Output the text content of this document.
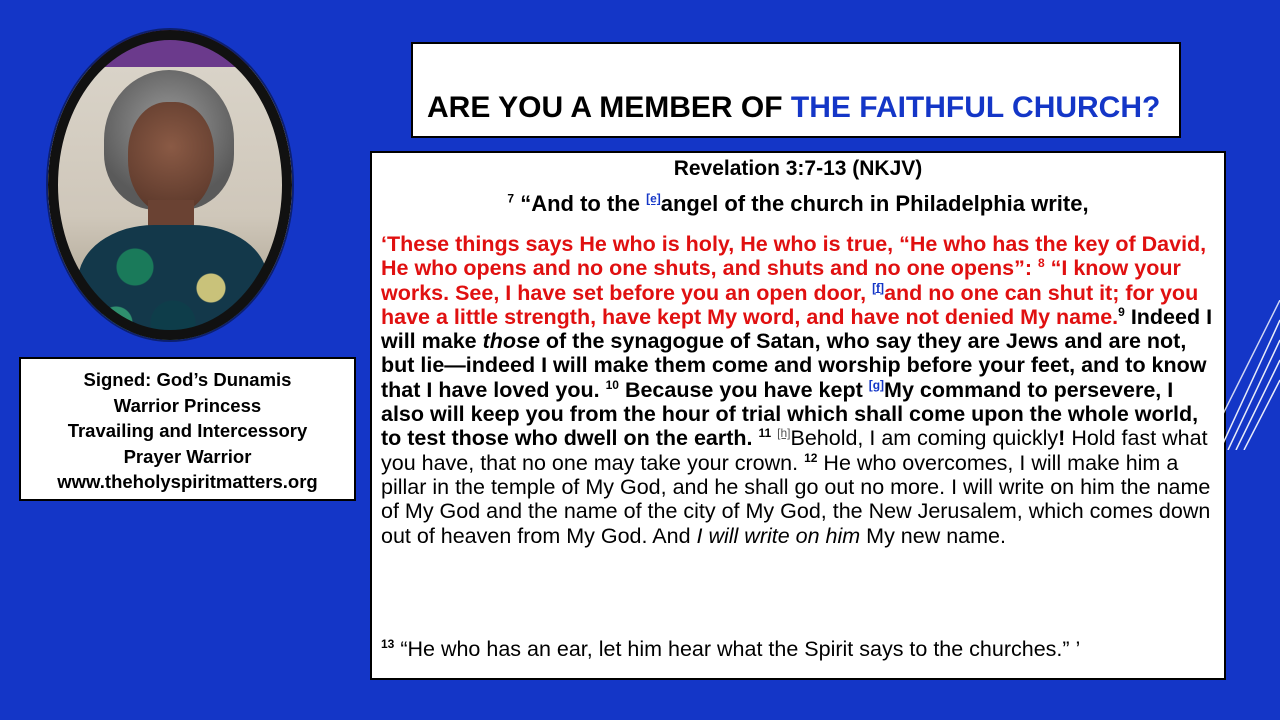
Signed: God’s Dunamis
Warrior Princess
Travailing and Intercessory
Prayer Warrior
www.theholyspiritmatters.org
ARE YOU A MEMBER OF THE FAITHFUL CHURCH?
Revelation 3:7-13 (NKJV)
$^7$ “And to the [e]angel of the church in Philadelphia write,
‘These things says He who is holy, He who is true, “He who has the key of David, He who opens and no one shuts, and shuts and no one opens”: $^8$ “I know your works. See, I have set before you an open door, [f]and no one can shut it; for you have a little strength, have kept My word, and have not denied My name.$^9$ Indeed I will make those of the synagogue of Satan, who say they are Jews and are not, but lie—indeed I will make them come and worship before your feet, and to know that I have loved you. $^{10}$ Because you have kept [g]My command to persevere, I also will keep you from the hour of trial which shall come upon the whole world, to test those who dwell on the earth. $^{11}$ [h]Behold, I am coming quickly! Hold fast what you have, that no one may take your crown. $^{12}$ He who overcomes, I will make him a pillar in the temple of My God, and he shall go out no more. I will write on him the name of My God and the name of the city of My God, the New Jerusalem, which comes down out of heaven from My God. And I will write on him My new name.
$^{13}$ “He who has an ear, let him hear what the Spirit says to the churches.” ’
